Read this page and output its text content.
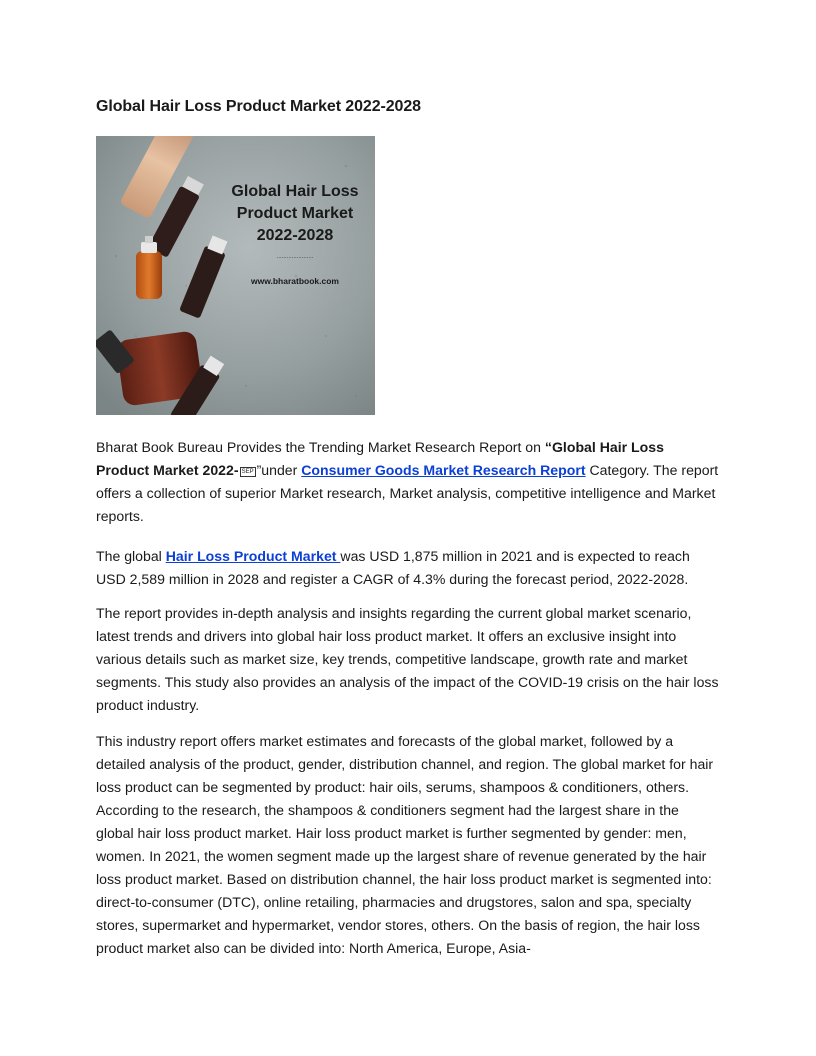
Global Hair Loss Product Market 2022-2028
Global Hair Loss
Product Market
2022-2028
......................
www.bharatbook.com

Bharat Book Bureau Provides the Trending Market Research Report on “Global Hair Loss Product Market 2022- SEP ”under Consumer Goods Market Research Report Category. The report offers a collection of superior Market research, Market analysis, competitive intelligence and Market reports.

The global Hair Loss Product Market was USD 1,875 million in 2021 and is expected to reach USD 2,589 million in 2028 and register a CAGR of 4.3% during the forecast period, 2022-2028.

The report provides in-depth analysis and insights regarding the current global market scenario, latest trends and drivers into global hair loss product market. It offers an exclusive insight into various details such as market size, key trends, competitive landscape, growth rate and market segments. This study also provides an analysis of the impact of the COVID-19 crisis on the hair loss product industry.

This industry report offers market estimates and forecasts of the global market, followed by a detailed analysis of the product, gender, distribution channel, and region. The global market for hair loss product can be segmented by product: hair oils, serums, shampoos & conditioners, others. According to the research, the shampoos & conditioners segment had the largest share in the global hair loss product market. Hair loss product market is further segmented by gender: men, women. In 2021, the women segment made up the largest share of revenue generated by the hair loss product market. Based on distribution channel, the hair loss product market is segmented into: direct-to-consumer (DTC), online retailing, pharmacies and drugstores, salon and spa, specialty stores, supermarket and hypermarket, vendor stores, others. On the basis of region, the hair loss product market also can be divided into: North America, Europe, Asia-
